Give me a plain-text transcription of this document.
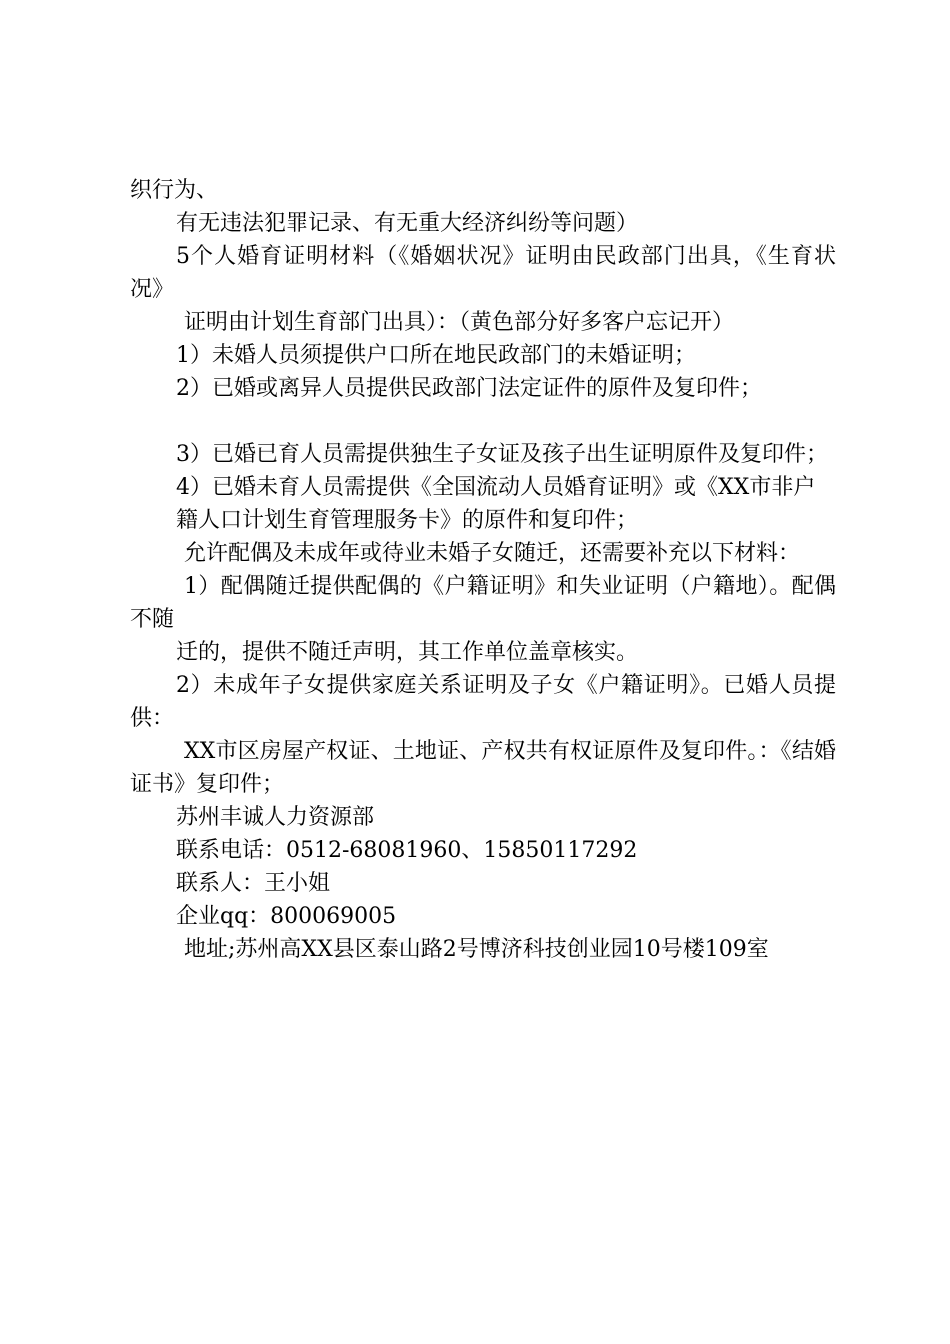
织行为、

有无违法犯罪记录、有无重大经济纠纷等问题）

5个人婚育证明材料（《婚姻状况》证明由民政部门出具，《生育状况》

证明由计划生育部门出具）：（黄色部分好多客户忘记开）

1）未婚人员须提供户口所在地民政部门的未婚证明；

2）已婚或离异人员提供民政部门法定证件的原件及复印件；

3）已婚已育人员需提供独生子女证及孩子出生证明原件及复印件；

4）已婚未育人员需提供《全国流动人员婚育证明》或《XX市非户

籍人口计划生育管理服务卡》的原件和复印件；

允许配偶及未成年或待业未婚子女随迁，还需要补充以下材料：

1）配偶随迁提供配偶的《户籍证明》和失业证明（户籍地）。配偶不随

迁的，提供不随迁声明，其工作单位盖章核实。

2）未成年子女提供家庭关系证明及子女《户籍证明》。已婚人员提供：

XX市区房屋产权证、土地证、产权共有权证原件及复印件。：《结婚证书》复印件；

苏州丰诚人力资源部

联系电话：0512-68081960、15850117292

联系人：王小姐

企业qq：800069005

地址;苏州高XX县区泰山路2号博济科技创业园10号楼109室
